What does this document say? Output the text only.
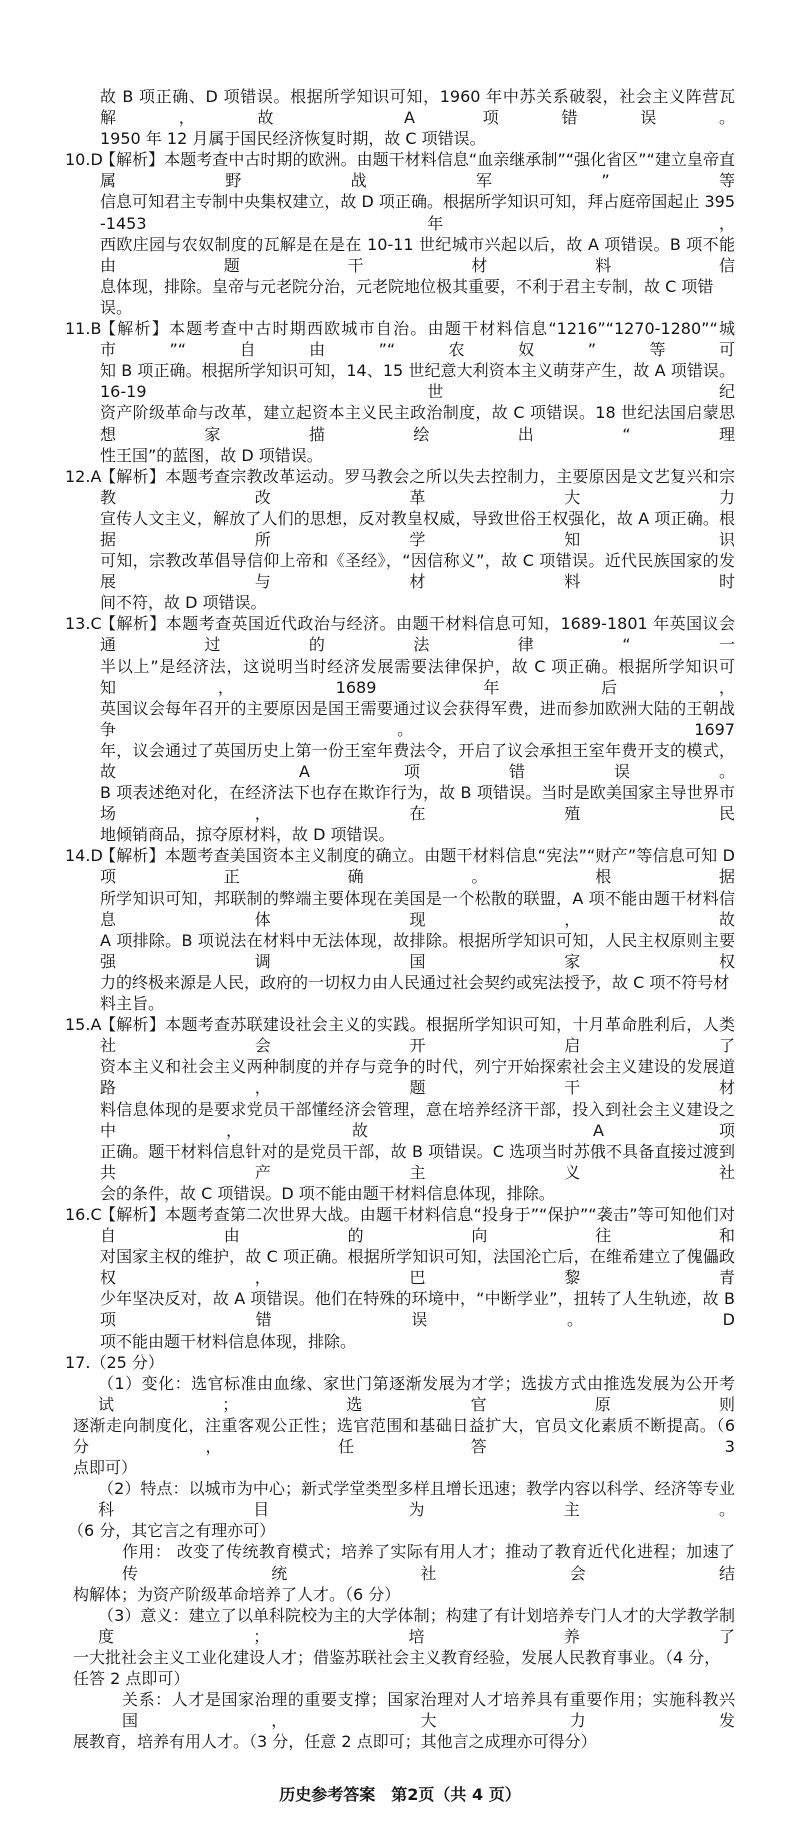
故 B 项正确、D 项错误。根据所学知识可知，1960 年中苏关系破裂，社会主义阵营瓦解，故 A 项错误。
1950 年 12 月属于国民经济恢复时期，故 C 项错误。
10.D
【解析】本题考查中古时期的欧洲。由题干材料信息“血亲继承制”“强化省区”“建立皇帝直属野战军”等
信息可知君主专制中央集权建立，故 D 项正确。根据所学知识可知，拜占庭帝国起止 395-1453 年，
西欧庄园与农奴制度的瓦解是在是在 10-11 世纪城市兴起以后，故 A 项错误。B 项不能由题干材料信
息体现，排除。皇帝与元老院分治，元老院地位极其重要，不利于君主专制，故 C 项错误。
11.B
【解析】本题考查中古时期西欧城市自治。由题干材料信息“1216”“1270-1280”“城市”“自由”“农奴”等可
知 B 项正确。根据所学知识可知，14、15 世纪意大利资本主义萌芽产生，故 A 项错误。16-19 世纪
资产阶级革命与改革，建立起资本主义民主政治制度，故 C 项错误。18 世纪法国启蒙思想家描绘出“理
性王国”的蓝图，故 D 项错误。
12.A
【解析】本题考查宗教改革运动。罗马教会之所以失去控制力，主要原因是文艺复兴和宗教改革大力
宣传人文主义，解放了人们的思想，反对教皇权威，导致世俗王权强化，故 A 项正确。根据所学知识
可知，宗教改革倡导信仰上帝和《圣经》，“因信称义”，故 C 项错误。近代民族国家的发展与材料时
间不符，故 D 项错误。
13.C
【解析】本题考查英国近代政治与经济。由题干材料信息可知，1689-1801 年英国议会通过的法律“一
半以上”是经济法，这说明当时经济发展需要法律保护，故 C 项正确。根据所学知识可知，1689 年后，
英国议会每年召开的主要原因是国王需要通过议会获得军费，进而参加欧洲大陆的王朝战争。1697
年，议会通过了英国历史上第一份王室年费法令，开启了议会承担王室年费开支的模式，故 A 项错误。
B 项表述绝对化，在经济法下也存在欺诈行为，故 B 项错误。当时是欧美国家主导世界市场，在殖民
地倾销商品，掠夺原材料，故 D 项错误。
14.D
【解析】本题考查美国资本主义制度的确立。由题干材料信息“宪法”“财产”等信息可知 D 项正确。根据
所学知识可知，邦联制的弊端主要体现在美国是一个松散的联盟，A 项不能由题干材料信息体现，故
A 项排除。B 项说法在材料中无法体现，故排除。根据所学知识可知，人民主权原则主要强调国家权
力的终极来源是人民，政府的一切权力由人民通过社会契约或宪法授予，故 C 项不符号材料主旨。
15.A
【解析】本题考查苏联建设社会主义的实践。根据所学知识可知，十月革命胜利后，人类社会开启了
资本主义和社会主义两种制度的并存与竞争的时代，列宁开始探索社会主义建设的发展道路，题干材
料信息体现的是要求党员干部懂经济会管理，意在培养经济干部，投入到社会主义建设之中，故 A 项
正确。题干材料信息针对的是党员干部，故 B 项错误。C 选项当时苏俄不具备直接过渡到共产主义社
会的条件，故 C 项错误。D 项不能由题干材料信息体现，排除。
16.C
【解析】本题考查第二次世界大战。由题干材料信息“投身于”“保护”“袭击”等可知他们对自由的向往和
对国家主权的维护，故 C 项正确。根据所学知识可知，法国沦亡后，在维希建立了傀儡政权，巴黎青
少年坚决反对，故 A 项错误。他们在特殊的环境中，“中断学业”，扭转了人生轨迹，故 B 项错误。D
项不能由题干材料信息体现，排除。
17.（25 分）
（1）变化：选官标准由血缘、家世门第逐渐发展为才学；选拔方式由推选发展为公开考试；选官原则
逐渐走向制度化，注重客观公正性；选官范围和基础日益扩大，官员文化素质不断提高。（6 分，任答 3
点即可）
（2）特点：以城市为中心；新式学堂类型多样且增长迅速；教学内容以科学、经济等专业科目为主。
（6 分，其它言之有理亦可）
作用： 改变了传统教育模式；培养了实际有用人才；推动了教育近代化进程；加速了传统社会结
构解体；为资产阶级革命培养了人才。（6 分）
（3）意义：建立了以单科院校为主的大学体制；构建了有计划培养专门人才的大学教学制度；培养了
一大批社会主义工业化建设人才；借鉴苏联社会主义教育经验，发展人民教育事业。（4 分，任答 2 点即可）
关系：人才是国家治理的重要支撑；国家治理对人才培养具有重要作用；实施科教兴国，大力发
展教育，培养有用人才。（3 分，任意 2 点即可；其他言之成理亦可得分）
历史参考答案　第2页（共 4 页）
